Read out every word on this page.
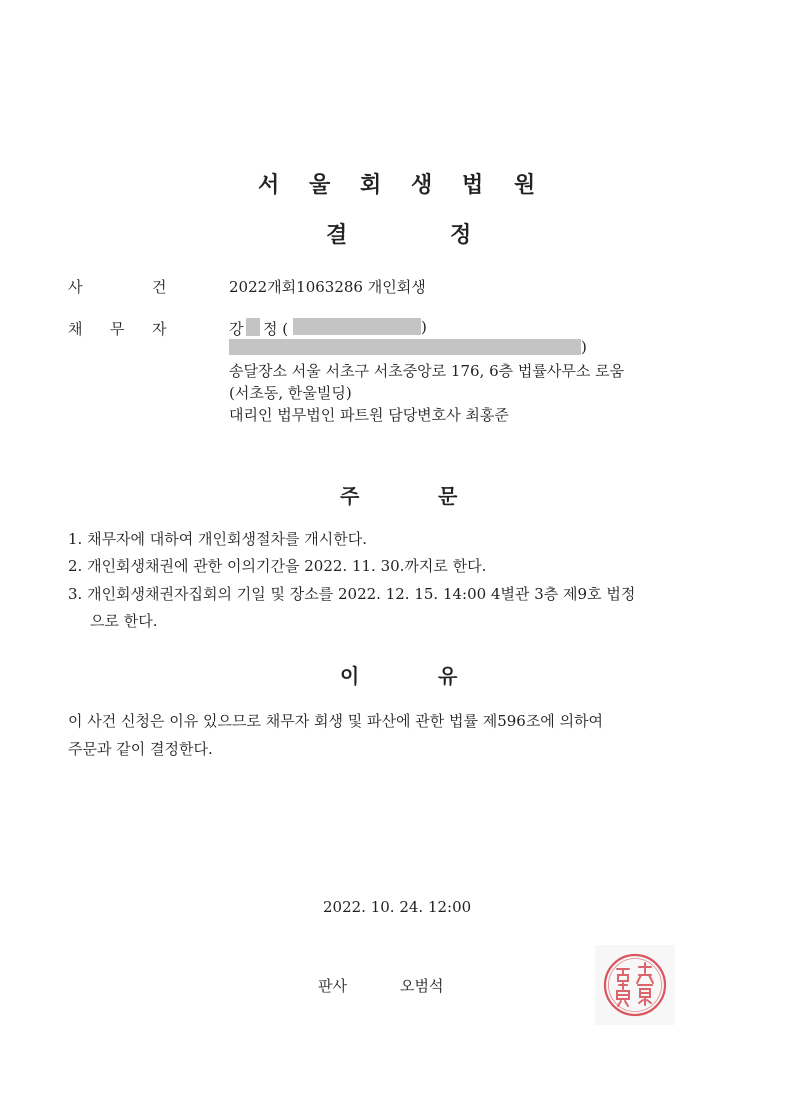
서 울 회 생 법 원
결	정
사	건	2022개회1063286 개인회생
채 무 자	강 정 (	)
)
송달장소 서울 서초구 서초중앙로 176, 6층 법률사무소 로움
(서초동, 한울빌딩)
대리인 법무법인 파트원 담당변호사 최홍준
주	문
1. 채무자에 대하여 개인회생절차를 개시한다.
2. 개인회생채권에 관한 이의기간을 2022. 11. 30.까지로 한다.
3. 개인회생채권자집회의 기일 및 장소를 2022. 12. 15. 14:00 4별관 3층 제9호 법정
으로 한다.
이	유
이 사건 신청은 이유 있으므로 채무자 회생 및 파산에 관한 법률 제596조에 의하여
주문과 같이 결정한다.
2022. 10. 24. 12:00
판사	오범석
